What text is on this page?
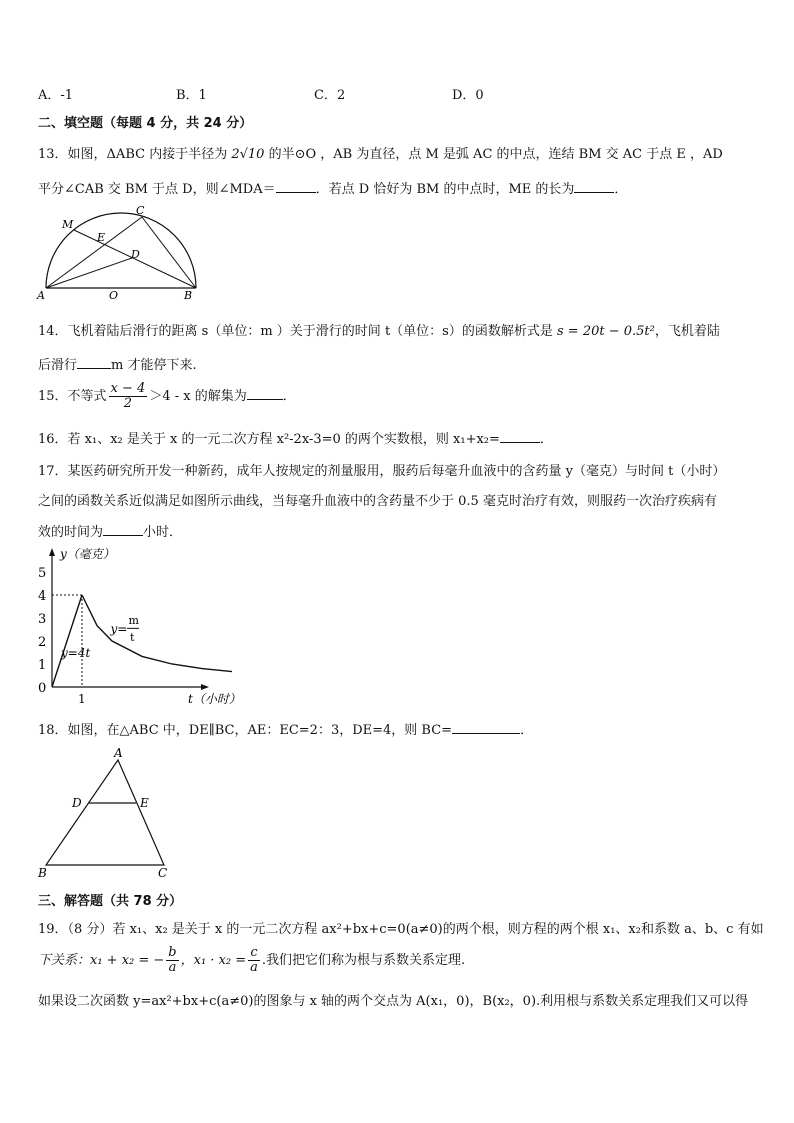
A．-1	B．1	C．2	D．0
二、填空题（每题 4 分，共 24 分）
13．如图，ΔABC 内接于半径为 2√10 的半⊙O ，AB 为直径，点 M 是弧 AC 的中点，连结 BM 交 AC 于点 E ，AD
平分∠CAB 交 BM 于点 D，则∠MDA＝	．若点 D 恰好为 BM 的中点时，ME 的长为	．
M
C
E
D
A	O	B
14．飞机着陆后滑行的距离 s（单位：m ）关于滑行的时间 t（单位：s）的函数解析式是 s = 20t − 0.5t²，飞机着陆
后滑行	m 才能停下来.
15．不等式 $\frac{x - 4}{2} >4 - x$ 的解集为	．
16．若 x₁、x₂ 是关于 x 的一元二次方程 x²-2x-3=0 的两个实数根，则 x₁+x₂=	．
17．某医药研究所开发一种新药，成年人按规定的剂量服用，服药后每毫升血液中的含药量 y（毫克）与时间 t（小时）
之间的函数关系近似满足如图所示曲线，当每毫升血液中的含药量不少于 0.5 毫克时治疗有效，则服药一次治疗疾病有
效的时间为	小时．
0
1
2
3
4
5
1
y（毫克）
t（小时）
y=4t
y=
m
t
18．如图，在△ABC 中，DE∥BC，AE：EC=2：3，DE=4，则 BC=	．
A
D	E
B	C
三、解答题（共 78 分）
19．（8 分）若 x₁、x₂ 是关于 x 的一元二次方程 ax²+bx+c=0(a≠0)的两个根，则方程的两个根 x₁、x₂和系数 a、b、c 有如
下关系：x₁ + x₂ = − $\frac{b}{a}$ ，$x_1 \cdot x_2 = \frac{c}{a}$ .我们把它们称为根与系数关系定理.
如果设二次函数 y=ax²+bx+c(a≠0)的图象与 x 轴的两个交点为 A(x₁，0)，B(x₂，0).利用根与系数关系定理我们又可以得
